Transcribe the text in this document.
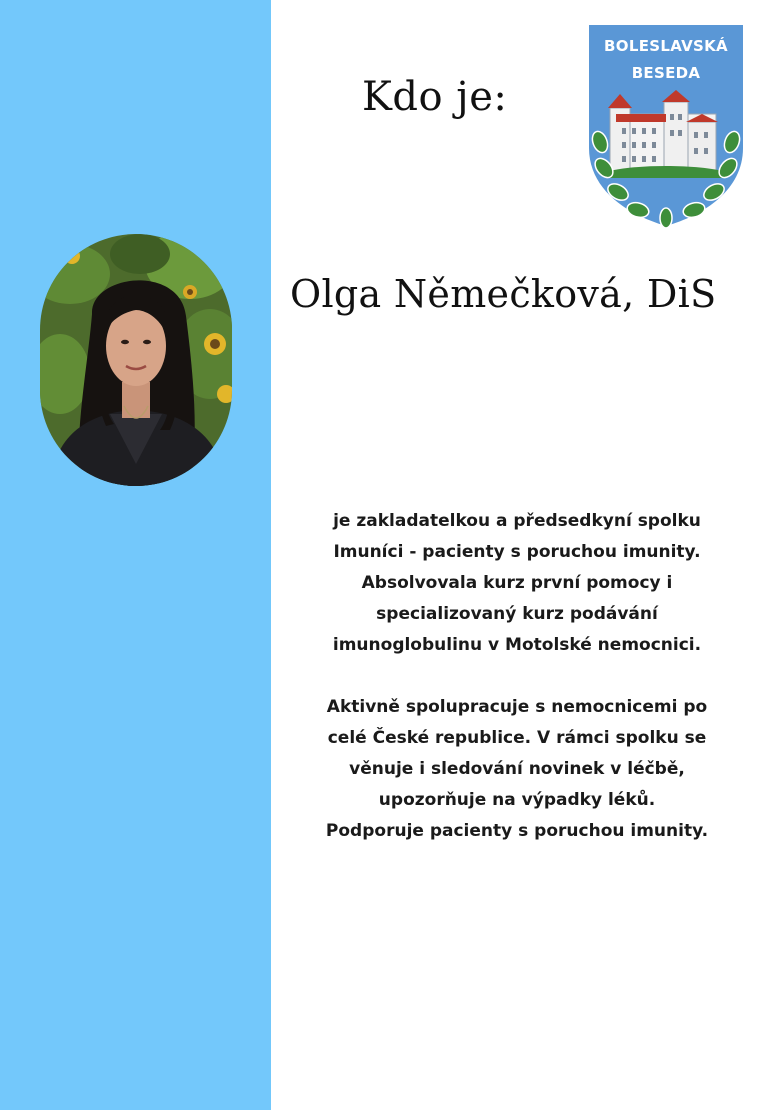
Kdo je:
Olga Němečková, DiS
BOLESLAVSKÁ
BESEDA

je zakladatelkou a předsedkyní spolku
Imuníci - pacienty s poruchou imunity.
Absolvovala kurz první pomocy i
specializovaný kurz podávání
imunoglobulinu v Motolské nemocnici.

Aktivně spolupracuje s nemocnicemi po
celé České republice. V rámci spolku se
věnuje i sledování novinek v léčbě,
upozorňuje na výpadky léků.
Podporuje pacienty s poruchou imunity.
